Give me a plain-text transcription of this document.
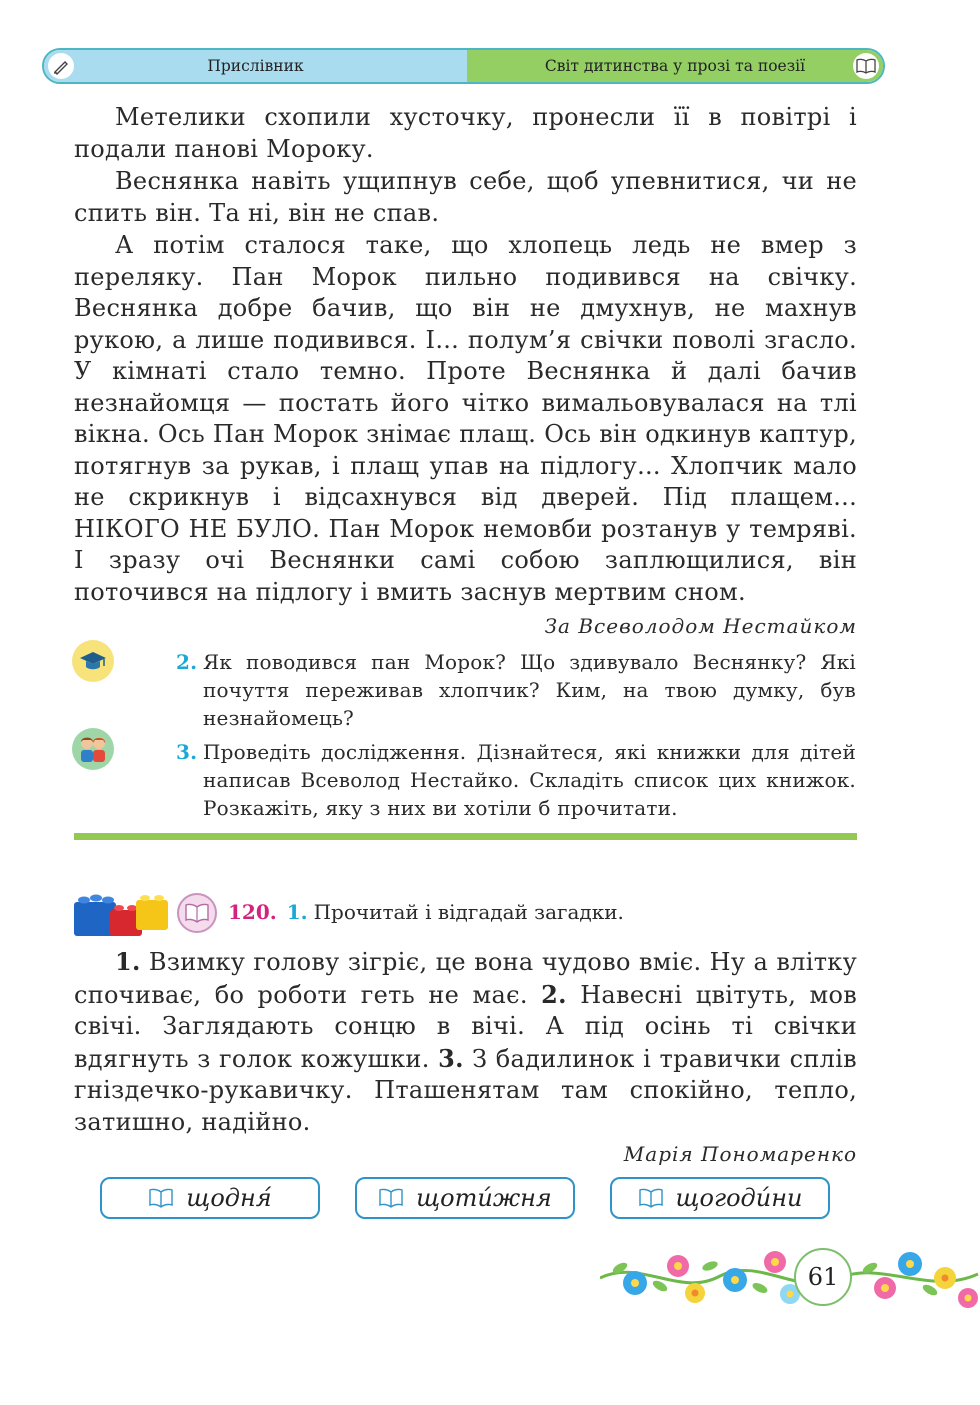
Прислівник	Світ дитинства у прозі та поезії

Метелики схопили хусточку, пронесли її в повітрі і подали панові Мороку.

Веснянка навіть ущипнув себе, щоб упевнитися, чи не спить він. Та ні, він не спав.

А потім сталося таке, що хлопець ледь не вмер з переляку. Пан Морок пильно подивився на свічку. Веснянка добре бачив, що він не дмухнув, не махнув рукою, а лише подивився. І... полум’я свічки поволі згасло. У кімнаті стало темно. Проте Веснянка й далі бачив незнайомця — постать його чітко вимальовувалася на тлі вікна. Ось Пан Морок знімає плащ. Ось він одкинув каптур, потягнув за рукав, і плащ упав на підлогу... Хлопчик мало не скрикнув і відсахнувся від дверей. Під плащем... НІКОГО НЕ БУЛО. Пан Морок немовби розтанув у темряві. І зразу очі Веснянки самі собою заплющилися, він поточився на підлогу і вмить заснув мертвим сном.

За Всеволодом Нестайком

2. Як поводився пан Морок? Що здивувало Веснянку? Які почуття переживав хлопчик? Ким, на твою думку, був незнайомець?
3. Проведіть дослідження. Дізнайтеся, які книжки для дітей написав Всеволод Нестайко. Складіть список цих книжок. Розкажіть, яку з них ви хотіли б прочитати.

120. 1. Прочитай і відгадай загадки.

1. Взимку голову зігріє, це вона чудово вміє. Ну а влітку спочиває, бо роботи геть не має. 2. Навесні цвітуть, мов свічі. Заглядають сонцю в вічі. А під осінь ті свічки вдягнуть з голок кожушки. 3. З бадилинок і травички сплів гніздечко-рукавичку. Пташенятам там спокійно, тепло, затишно, надійно.

Марія Пономаренко

щодня́	щоти́жня	щогоди́ни
61
